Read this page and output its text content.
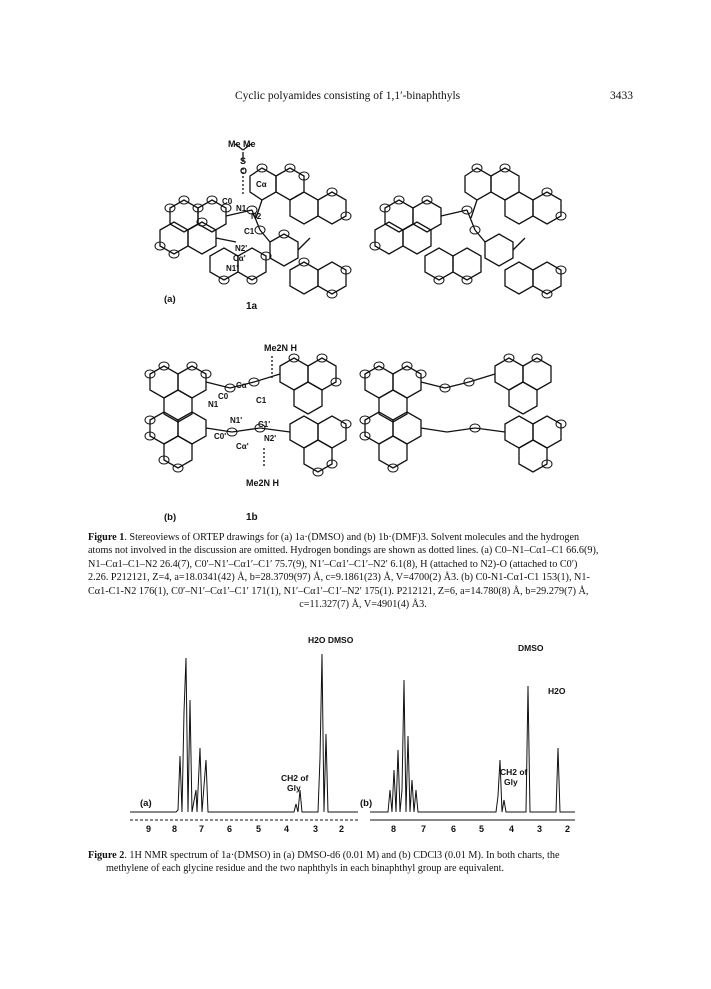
Cyclic polyamides consisting of 1,1′-binaphthyls	3433
Me Me
S
O
C0
Cα
N1
N2
C1
N2'
Cα'
N1'
(a)
1a
Me2N H
Me2N H
C0
Cα
N1	C1
N1'
C0'
Cα'
C1'
N2'
(b)	1b
Figure 1. Stereoviews of ORTEP drawings for (a) 1a·(DMSO) and (b) 1b·(DMF)3. Solvent molecules and the hydrogen
atoms not involved in the discussion are omitted. Hydrogen bondings are shown as dotted lines. (a) C0–N1–Cα1–C1 66.6(9),
N1–Cα1–C1–N2 26.4(7), C0′–N1′–Cα1′–C1′ 75.7(9), N1′–Cα1′–C1′–N2′ 6.1(8), H (attached to N2)-O (attached to C0′)
2.26. P212121, Z=4, a=18.0341(42) Å, b=28.3709(97) Å, c=9.1861(23) Å, V=4700(2) Å3. (b) C0-N1-Cα1-C1 153(1), N1-
Cα1-C1-N2 176(1), C0′–N1′–Cα1′–C1′ 171(1), N1′–Cα1′–C1′–N2′ 175(1). P212121, Z=6, a=14.780(8) Å, b=29.279(7) Å,
c=11.327(7) Å, V=4901(4) Å3.
H2O DMSO
CH2 of
Gly
(a)
DMSO
H2O
CH2 of
Gly
(b)
9 8 7	6	5	4	3 2	8	7	6	5	4	3	2
Figure 2. 1H NMR spectrum of 1a·(DMSO) in (a) DMSO-d6 (0.01 M) and (b) CDCl3 (0.01 M). In both charts, the
methylene of each glycine residue and the two naphthyls in each binaphthyl group are equivalent.
